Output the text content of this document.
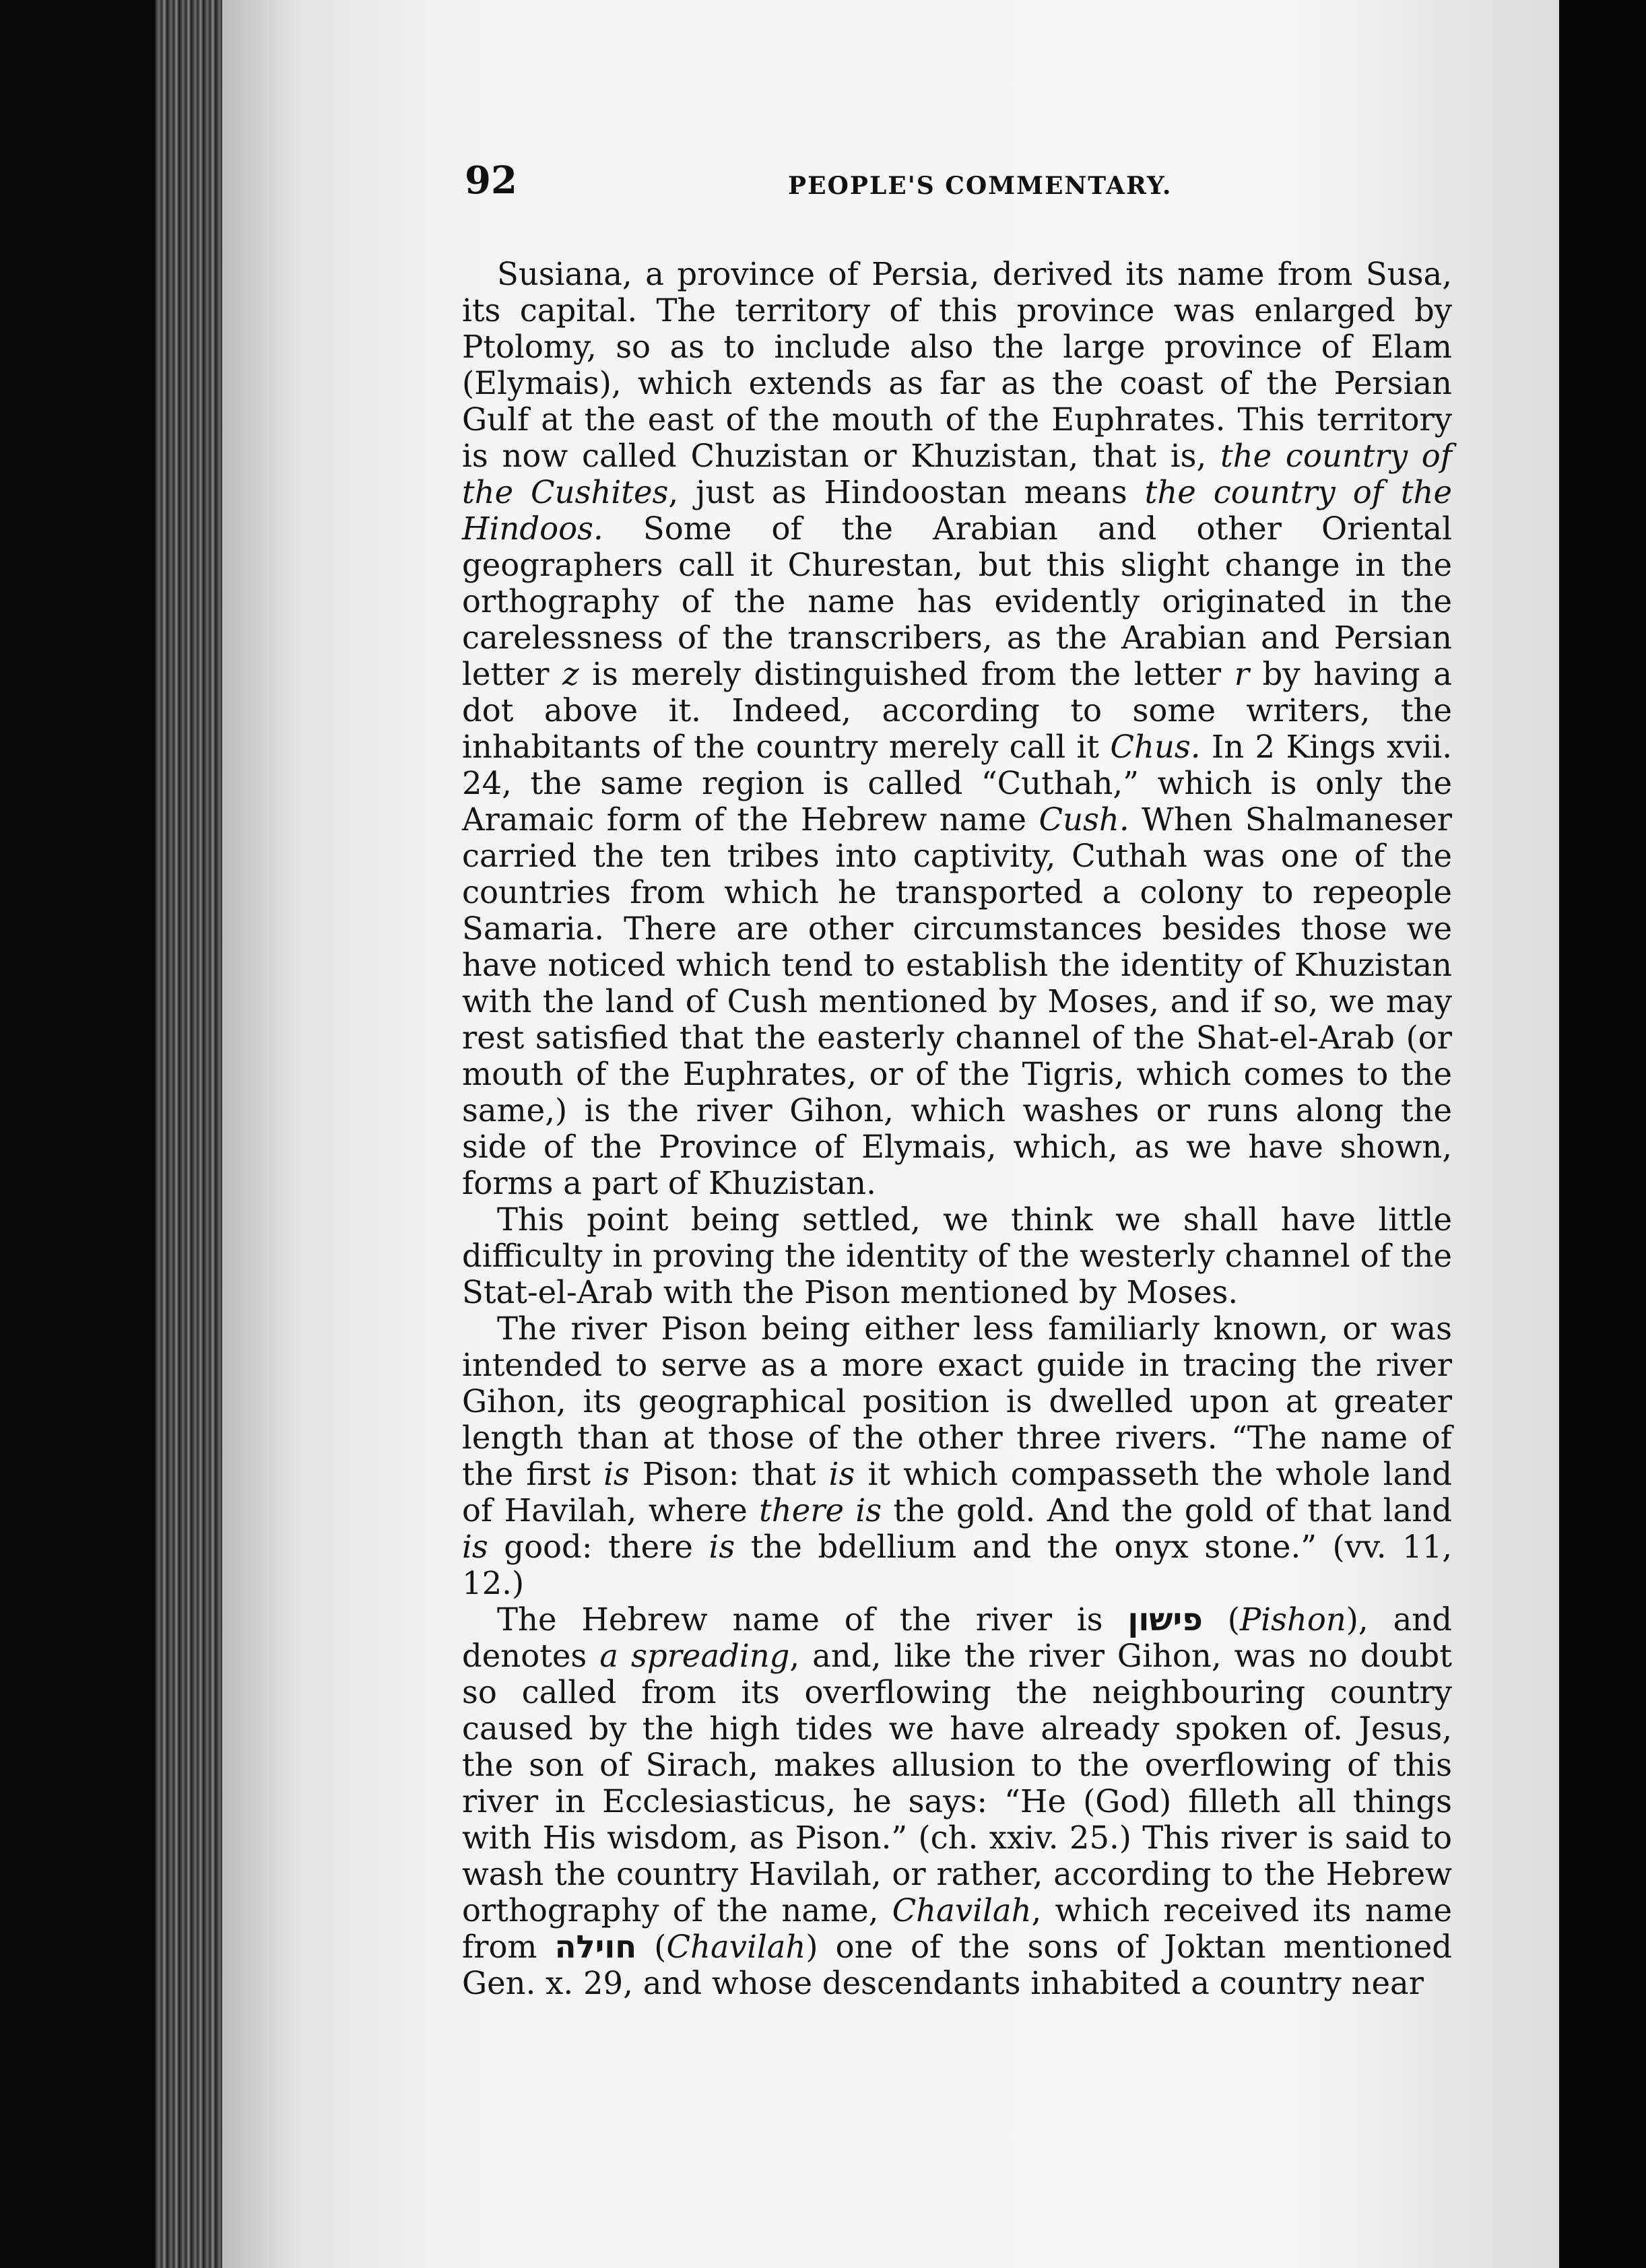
92	PEOPLE'S COMMENTARY.

Susiana, a province of Persia, derived its name from Susa, its capital. The territory of this province was enlarged by Ptolomy, so as to include also the large province of Elam (Elymais), which extends as far as the coast of the Persian Gulf at the east of the mouth of the Euphrates. This territory is now called Chuzistan or Khuzistan, that is, the country of the Cushites, just as Hindoostan means the country of the Hindoos. Some of the Arabian and other Oriental geographers call it Churestan, but this slight change in the orthography of the name has evidently originated in the carelessness of the transcribers, as the Arabian and Persian letter z is merely distinguished from the letter r by having a dot above it. Indeed, according to some writers, the inhabitants of the country merely call it Chus. In 2 Kings xvii. 24, the same region is called “Cuthah,” which is only the Aramaic form of the Hebrew name Cush. When Shalmaneser carried the ten tribes into captivity, Cuthah was one of the countries from which he transported a colony to repeople Samaria. There are other circumstances besides those we have noticed which tend to establish the identity of Khuzistan with the land of Cush mentioned by Moses, and if so, we may rest satisfied that the easterly channel of the Shat-el-Arab (or mouth of the Euphrates, or of the Tigris, which comes to the same,) is the river Gihon, which washes or runs along the side of the Province of Elymais, which, as we have shown, forms a part of Khuzistan.

This point being settled, we think we shall have little difficulty in proving the identity of the westerly channel of the Stat-el-Arab with the Pison mentioned by Moses.

The river Pison being either less familiarly known, or was intended to serve as a more exact guide in tracing the river Gihon, its geographical position is dwelled upon at greater length than at those of the other three rivers. “The name of the first is Pison: that is it which compasseth the whole land of Havilah, where there is the gold. And the gold of that land is good: there is the bdellium and the onyx stone.” (vv. 11, 12.)

The Hebrew name of the river is פישון (Pishon), and denotes a spreading, and, like the river Gihon, was no doubt so called from its overflowing the neighbouring country caused by the high tides we have already spoken of. Jesus, the son of Sirach, makes allusion to the overflowing of this river in Ecclesiasticus, he says: “He (God) filleth all things with His wisdom, as Pison.” (ch. xxiv. 25.) This river is said to wash the country Havilah, or rather, according to the Hebrew orthography of the name, Chavilah, which received its name from חוילה (Chavilah) one of the sons of Joktan mentioned Gen. x. 29, and whose descendants inhabited a country near
